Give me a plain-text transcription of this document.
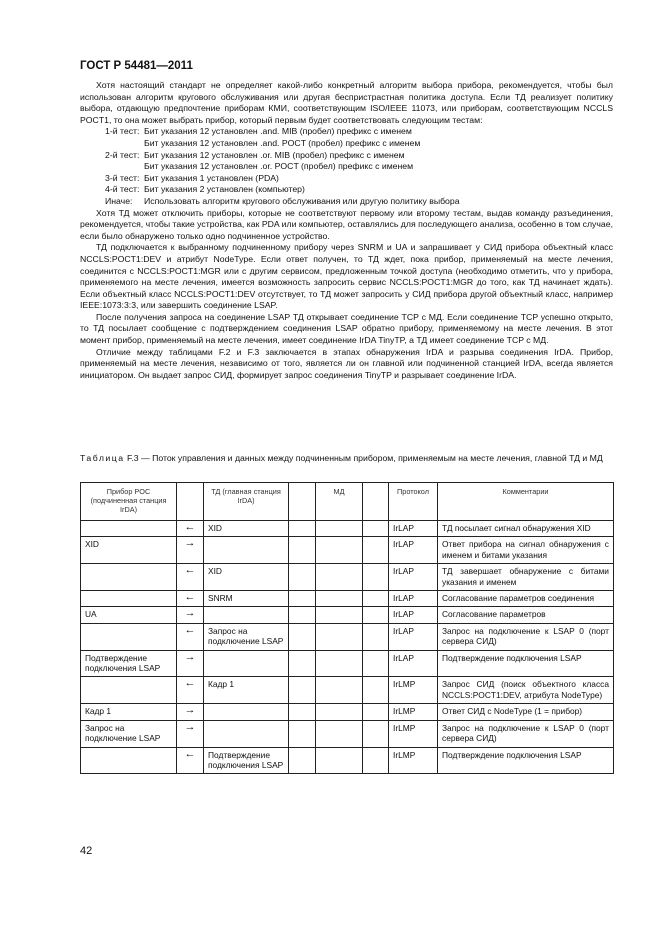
ГОСТ Р 54481—2011

Хотя настоящий стандарт не определяет какой-либо конкретный алгоритм выбора прибора, рекомендуется, чтобы был использован алгоритм кругового обслуживания или другая беспристрастная политика доступа. Если ТД реализует политику выбора, отдающую предпочтение приборам КМИ, соответствующим ISO/IEEE 11073, или приборам, соответствующим NCCLS POCT1, то она может выбрать прибор, который первым будет соответствовать следующим тестам:

1-й тест: Бит указания 12 установлен .and. MIB (пробел) префикс с именем
Бит указания 12 установлен .and. POCT (пробел) префикс с именем
2-й тест: Бит указания 12 установлен .or. MIB (пробел) префикс с именем
Бит указания 12 установлен .or. POCT (пробел) префикс с именем
3-й тест: Бит указания 1 установлен (PDA)
4-й тест: Бит указания 2 установлен (компьютер)
Иначе:	Использовать алгоритм кругового обслуживания или другую политику выбора

Хотя ТД может отключить приборы, которые не соответствуют первому или второму тестам, выдав команду разъединения, рекомендуется, чтобы такие устройства, как PDA или компьютер, оставлялись для последующего анализа, особенно в том случае, если было обнаружено только одно подчиненное устройство.

ТД подключается к выбранному подчиненному прибору через SNRM и UA и запрашивает у СИД прибора объектный класс NCCLS:POCT1:DEV и атрибут NodeType. Если ответ получен, то ТД ждет, пока прибор, применяемый на месте лечения, соединится с NCCLS:POCT1:MGR или с другим сервисом, предложенным точкой доступа (необходимо отметить, что у прибора, применяемого на месте лечения, имеется возможность запросить сервис NCCLS:POCT1:MGR до того, как ТД начинает ждать). Если объектный класс NCCLS:POCT1:DEV отсутствует, то ТД может запросить у СИД прибора другой объектный класс, например IEEE:1073:3:3, или завершить соединение LSAP.

После получения запроса на соединение LSAP ТД открывает соединение TCP с МД. Если соединение TCP успешно открыто, то ТД посылает сообщение с подтверждением соединения LSAP обратно прибору, применяемому на месте лечения. В этот момент прибор, применяемый на месте лечения, имеет соединение IrDA TinyTP, а ТД имеет соединение TCP с МД.

Отличие между таблицами F.2 и F.3 заключается в этапах обнаружения IrDA и разрыва соединения IrDA. Прибор, применяемый на месте лечения, независимо от того, является ли он главной или подчиненной станцией IrDA, всегда является инициатором. Он выдает запрос СИД, формирует запрос соединения TinyTP и разрывает соединение IrDA.

Таблица F.3 — Поток управления и данных между подчиненным прибором, применяемым на месте лечения, главной ТД и МД
Прибор POC (подчиненная станция IrDA)		ТД (главная станция IrDA)		МД		Протокол	Комментарии
	←	XID				IrLAP	ТД посылает сигнал обнаружения XID
XID	→					IrLAP	Ответ прибора на сигнал обнаружения с именем и битами указания
	←	XID				IrLAP	ТД завершает обнаружение с битами указания и именем
	←	SNRM				IrLAP	Согласование параметров соединения
UA	→					IrLAP	Согласование параметров
	←	Запрос на подключение LSAP				IrLAP	Запрос на подключение к LSAP 0 (порт сервера СИД)
Подтверждение подключения LSAP	→					IrLAP	Подтверждение подключения LSAP
	←	Кадр 1				IrLMP	Запрос СИД (поиск объектного класса NCCLS:POCT1:DEV, атрибута NodeType)
Кадр 1	→					IrLMP	Ответ СИД с NodeType (1 = прибор)
Запрос на подключение LSAP	→					IrLMP	Запрос на подключение к LSAP 0 (порт сервера СИД)
	←	Подтверждение подключения LSAP				IrLMP	Подтверждение подключения LSAP
42
